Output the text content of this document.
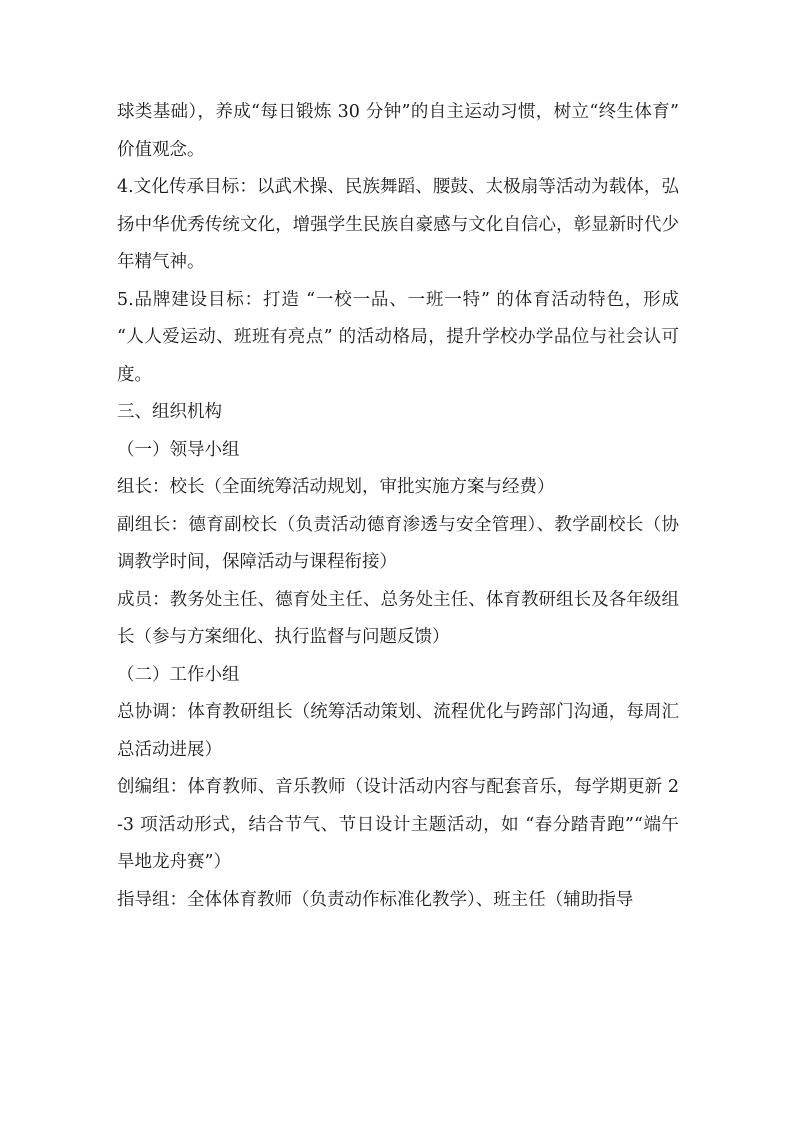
球类基础），养成“每日锻炼 30 分钟”的自主运动习惯，树立“终生体育” 价值观念。

4.文化传承目标：以武术操、民族舞蹈、腰鼓、太极扇等活动为载体，弘扬中华优秀传统文化，增强学生民族自豪感与文化自信心，彰显新时代少年精气神。

5.品牌建设目标：打造 “一校一品、一班一特” 的体育活动特色，形成 “人人爱运动、班班有亮点” 的活动格局，提升学校办学品位与社会认可度。

三、组织机构

（一）领导小组

组长：校长（全面统筹活动规划，审批实施方案与经费）

副组长：德育副校长（负责活动德育渗透与安全管理）、教学副校长（协调教学时间，保障活动与课程衔接）

成员：教务处主任、德育处主任、总务处主任、体育教研组长及各年级组长（参与方案细化、执行监督与问题反馈）

（二）工作小组

总协调：体育教研组长（统筹活动策划、流程优化与跨部门沟通，每周汇总活动进展）

创编组：体育教师、音乐教师（设计活动内容与配套音乐，每学期更新 2-3 项活动形式，结合节气、节日设计主题活动，如 “春分踏青跑”“端午旱地龙舟赛”）

指导组：全体体育教师（负责动作标准化教学）、班主任（辅助指导
